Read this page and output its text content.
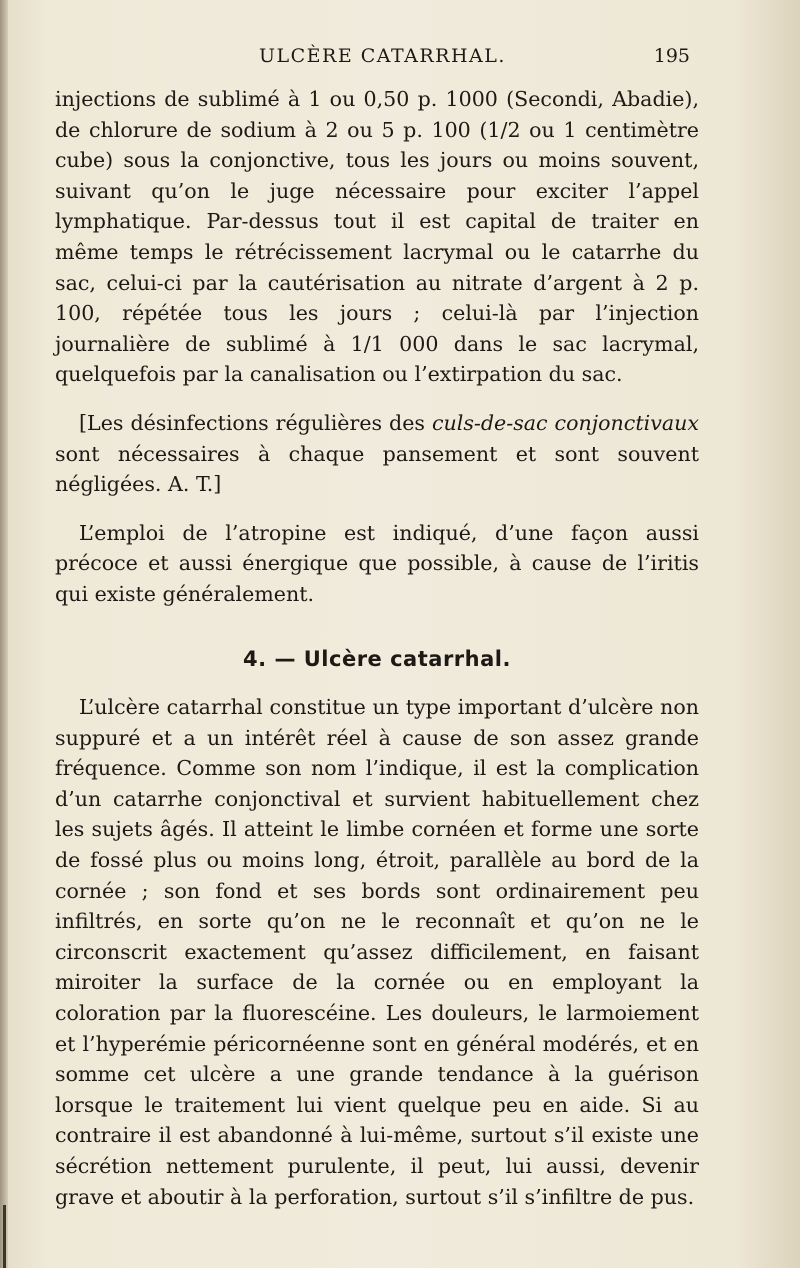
ULCÈRE CATARRHAL.	195

injections de sublimé à 1 ou 0,50 p. 1000 (Secondi, Abadie), de chlorure de sodium à 2 ou 5 p. 100 (1/2 ou 1 centimètre cube) sous la conjonctive, tous les jours ou moins souvent, suivant qu’on le juge nécessaire pour exciter l’appel lymphatique. Par-dessus tout il est capital de traiter en même temps le rétrécissement lacrymal ou le catarrhe du sac, celui-ci par la cautérisation au nitrate d’argent à 2 p. 100, répétée tous les jours ; celui-là par l’injection journalière de sublimé à 1/1 000 dans le sac lacrymal, quelquefois par la canalisation ou l’extirpation du sac.

[Les désinfections régulières des culs-de-sac conjonctivaux sont nécessaires à chaque pansement et sont souvent négligées. A. T.]

L’emploi de l’atropine est indiqué, d’une façon aussi précoce et aussi énergique que possible, à cause de l’iritis qui existe généralement.

4. — Ulcère catarrhal.

L’ulcère catarrhal constitue un type important d’ulcère non suppuré et a un intérêt réel à cause de son assez grande fréquence. Comme son nom l’indique, il est la complication d’un catarrhe conjonctival et survient habituellement chez les sujets âgés. Il atteint le limbe cornéen et forme une sorte de fossé plus ou moins long, étroit, parallèle au bord de la cornée ; son fond et ses bords sont ordinairement peu infiltrés, en sorte qu’on ne le reconnaît et qu’on ne le circonscrit exactement qu’assez difficilement, en faisant miroiter la surface de la cornée ou en employant la coloration par la fluorescéine. Les douleurs, le larmoiement et l’hyperémie péricornéenne sont en général modérés, et en somme cet ulcère a une grande tendance à la guérison lorsque le traitement lui vient quelque peu en aide. Si au contraire il est abandonné à lui-même, surtout s’il existe une sécrétion nettement purulente, il peut, lui aussi, devenir grave et aboutir à la perforation, surtout s’il s’infiltre de pus.
